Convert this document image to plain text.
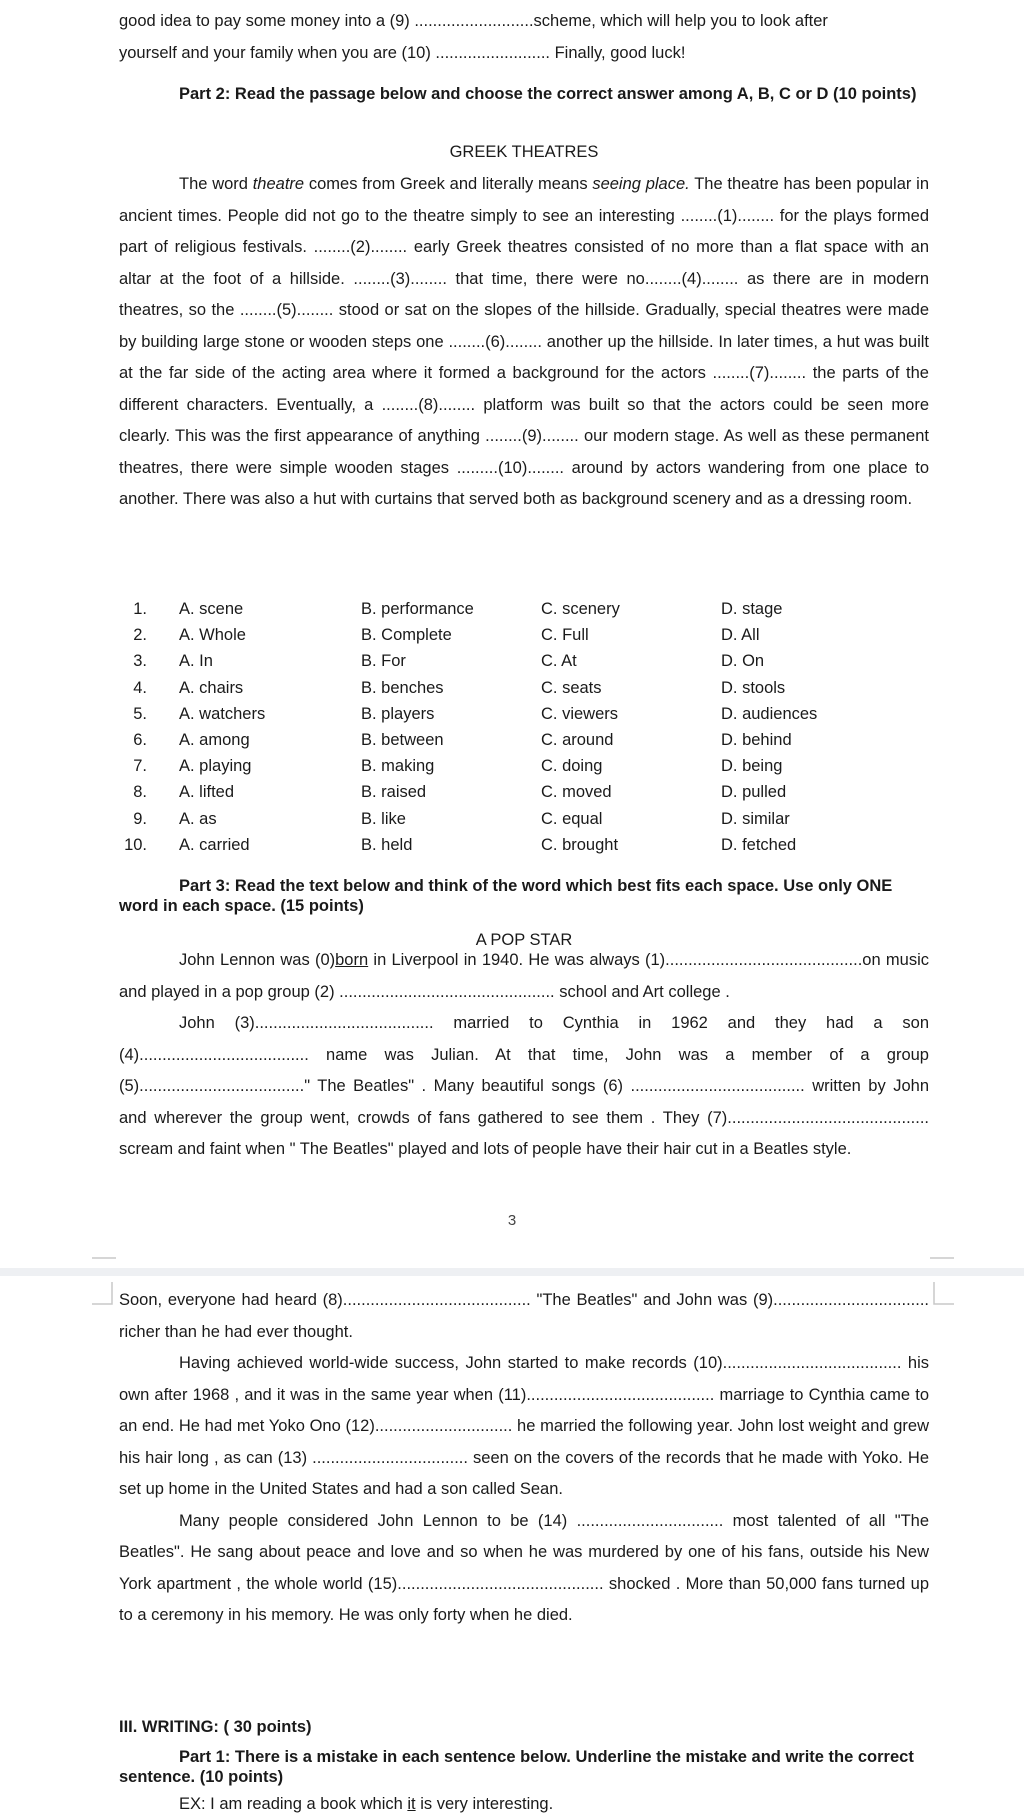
good idea to pay some money into a (9) ..........................scheme, which will help you to look after

yourself and your family when you are (10) ......................... Finally, good luck!

Part 2: Read the passage below and choose the correct answer among A, B, C or D (10 points)

GREEK THEATRES

The word theatre comes from Greek and literally means seeing place. The theatre has been popular in ancient times. People did not go to the theatre simply to see an interesting ........(1)........ for the plays formed part of religious festivals. ........(2)........ early Greek theatres consisted of no more than a flat space with an altar at the foot of a hillside. ........(3)........ that time, there were no........(4)........ as there are in modern theatres, so the ........(5)........ stood or sat on the slopes of the hillside. Gradually, special theatres were made by building large stone or wooden steps one ........(6)........ another up the hillside. In later times, a hut was built at the far side of the acting area where it formed a background for the actors ........(7)........ the parts of the different characters. Eventually, a ........(8)........ platform was built so that the actors could be seen more clearly. This was the first appearance of anything ........(9)........ our modern stage. As well as these permanent theatres, there were simple wooden stages .........(10)........ around by actors wandering from one place to another. There was also a hut with curtains that served both as background scenery and as a dressing room.

1. A. scene	B. performance	C. scenery	D. stage
2. A. Whole	B. Complete	C. Full	D. All
3. A. In	B. For	C. At	D. On
4. A. chairs	B. benches	C. seats	D. stools
5. A. watchers	B. players	C. viewers	D. audiences
6. A. among	B. between	C. around	D. behind
7. A. playing	B. making	C. doing	D. being
8. A. lifted	B. raised	C. moved	D. pulled
9. A. as	B. like	C. equal	D. similar
10. A. carried	B. held	C. brought	D. fetched

Part 3: Read the text below and think of the word which best fits each space. Use only ONE word in each space. (15 points)

A POP STAR

John Lennon was (0)born in Liverpool in 1940. He was always (1)...........................................on music and played in a pop group (2) ............................................... school and Art college .

John (3)....................................... married to Cynthia in 1962 and they had a son (4)..................................... name was Julian. At that time, John was a member of a group (5)...................................." The Beatles" . Many beautiful songs (6) ...................................... written by John and wherever the group went, crowds of fans gathered to see them . They (7)............................................ scream and faint when " The Beatles" played and lots of people have their hair cut in a Beatles style.

3

Soon, everyone had heard (8)......................................... "The Beatles" and John was (9).................................. richer than he had ever thought.

Having achieved world-wide success, John started to make records (10)....................................... his own after 1968 , and it was in the same year when (11)......................................... marriage to Cynthia came to an end. He had met Yoko Ono (12).............................. he married the following year. John lost weight and grew his hair long , as can (13) .................................. seen on the covers of the records that he made with Yoko. He set up home in the United States and had a son called Sean.

Many people considered John Lennon to be (14) ................................ most talented of all "The Beatles". He sang about peace and love and so when he was murdered by one of his fans, outside his New York apartment , the whole world (15)............................................. shocked . More than 50,000 fans turned up to a ceremony in his memory. He was only forty when he died.

III. WRITING: ( 30 points)

Part 1: There is a mistake in each sentence below. Underline the mistake and write the correct sentence. (10 points)

EX: I am reading a book which it is very interesting.
